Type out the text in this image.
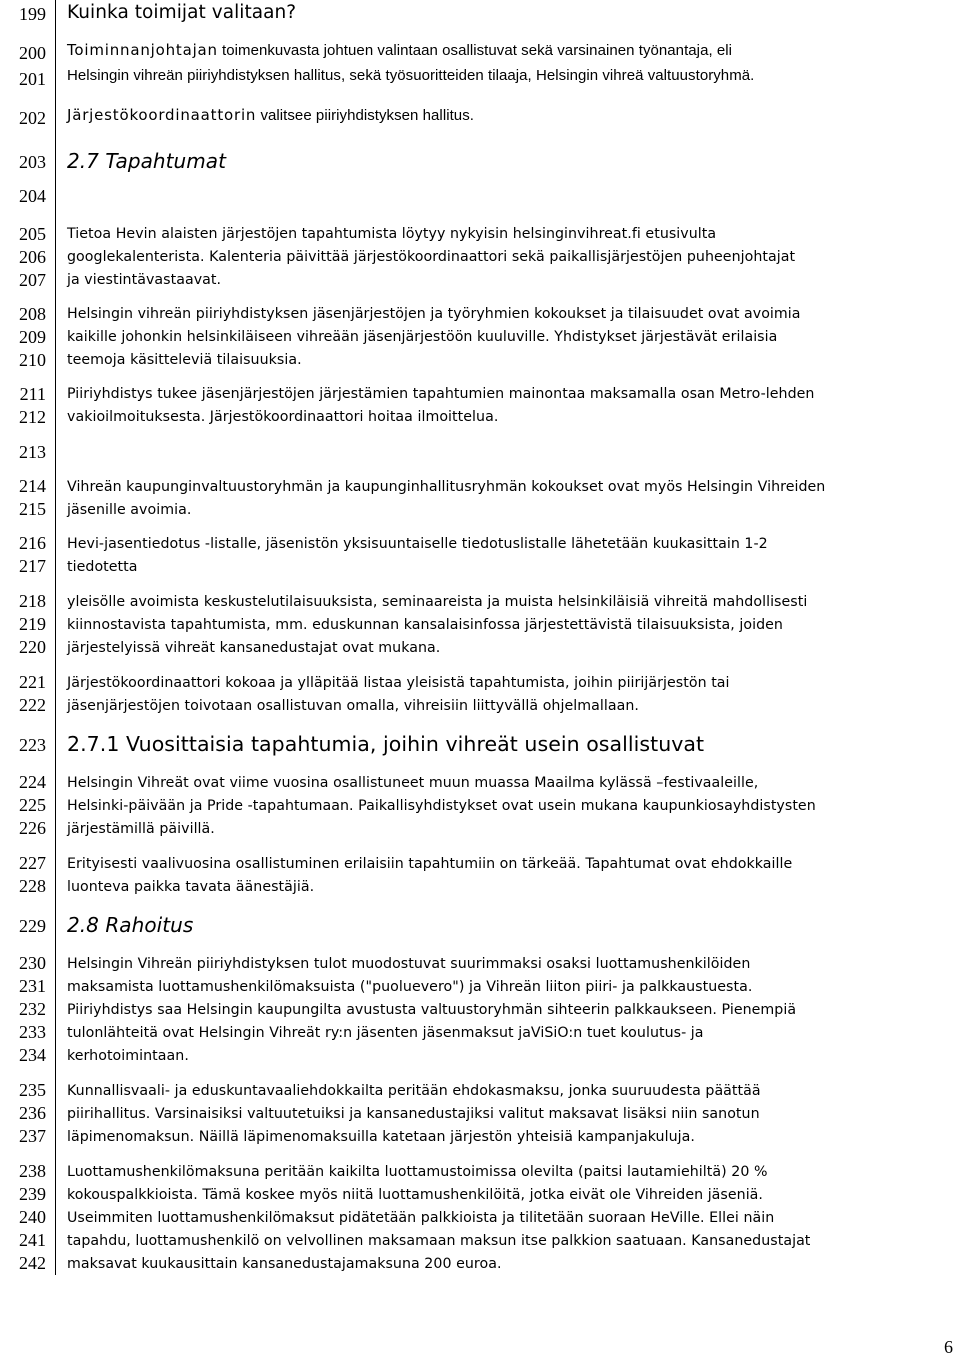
199
200
201
202
203
204
205
206
207
208
209
210
211
212
213
214
215
216
217
218
219
220
221
222
223
224
225
226
227
228
229
230
231
232
233
234
235
236
237
238
239
240
241
242
Kuinka toimijat valitaan?
Toiminnanjohtajan toimenkuvasta johtuen valintaan osallistuvat sekä varsinainen työnantaja, eli
Helsingin vihreän piiriyhdistyksen hallitus, sekä työsuoritteiden tilaaja, Helsingin vihreä valtuustoryhmä.
Järjestökoordinaattorin valitsee piiriyhdistyksen hallitus.
2.7 Tapahtumat
Tietoa Hevin alaisten järjestöjen tapahtumista löytyy nykyisin helsinginvihreat.fi etusivulta
googlekalenterista. Kalenteria päivittää järjestökoordinaattori sekä paikallisjärjestöjen puheenjohtajat
ja viestintävastaavat.
Helsingin vihreän piiriyhdistyksen jäsenjärjestöjen ja työryhmien kokoukset ja tilaisuudet ovat avoimia
kaikille johonkin helsinkiläiseen vihreään jäsenjärjestöön kuuluville. Yhdistykset järjestävät erilaisia
teemoja käsitteleviä tilaisuuksia.
Piiriyhdistys tukee jäsenjärjestöjen järjestämien tapahtumien mainontaa maksamalla osan Metro-lehden
vakioilmoituksesta. Järjestökoordinaattori hoitaa ilmoittelua.
Vihreän kaupunginvaltuustoryhmän ja kaupunginhallitusryhmän kokoukset ovat myös Helsingin Vihreiden
jäsenille avoimia.
Hevi-jasentiedotus -listalle, jäsenistön yksisuuntaiselle tiedotuslistalle lähetetään kuukasittain 1-2
tiedotetta
yleisölle avoimista keskustelutilaisuuksista, seminaareista ja muista helsinkiläisiä vihreitä mahdollisesti
kiinnostavista tapahtumista, mm. eduskunnan kansalaisinfossa järjestettävistä tilaisuuksista, joiden
järjestelyissä vihreät kansanedustajat ovat mukana.
Järjestökoordinaattori kokoaa ja ylläpitää listaa yleisistä tapahtumista, joihin piirijärjestön tai
jäsenjärjestöjen toivotaan osallistuvan omalla, vihreisiin liittyvällä ohjelmallaan.
2.7.1 Vuosittaisia tapahtumia, joihin vihreät usein osallistuvat
Helsingin Vihreät ovat viime vuosina osallistuneet muun muassa Maailma kylässä –festivaaleille,
Helsinki-päivään ja Pride -tapahtumaan. Paikallisyhdistykset ovat usein mukana kaupunkiosayhdistysten
järjestämillä päivillä.
Erityisesti vaalivuosina osallistuminen erilaisiin tapahtumiin on tärkeää. Tapahtumat ovat ehdokkaille
luonteva paikka tavata äänestäjiä.
2.8 Rahoitus
Helsingin Vihreän piiriyhdistyksen tulot muodostuvat suurimmaksi osaksi luottamushenkilöiden
maksamista luottamushenkilömaksuista ("puoluevero") ja Vihreän liiton piiri- ja palkkaustuesta.
Piiriyhdistys saa Helsingin kaupungilta avustusta valtuustoryhmän sihteerin palkkaukseen. Pienempiä
tulonlähteitä ovat Helsingin Vihreät ry:n jäsenten jäsenmaksut jaViSiO:n tuet koulutus- ja
kerhotoimintaan.
Kunnallisvaali- ja eduskuntavaaliehdokkailta peritään ehdokasmaksu, jonka suuruudesta päättää
piirihallitus. Varsinaisiksi valtuutetuiksi ja kansanedustajiksi valitut maksavat lisäksi niin sanotun
läpimenomaksun. Näillä läpimenomaksuilla katetaan järjestön yhteisiä kampanjakuluja.
Luottamushenkilömaksuna peritään kaikilta luottamustoimissa olevilta (paitsi lautamiehiltä) 20 %
kokouspalkkioista. Tämä koskee myös niitä luottamushenkilöitä, jotka eivät ole Vihreiden jäseniä.
Useimmiten luottamushenkilömaksut pidätetään palkkioista ja tilitetään suoraan HeVille. Ellei näin
tapahdu, luottamushenkilö on velvollinen maksamaan maksun itse palkkion saatuaan. Kansanedustajat
maksavat kuukausittain kansanedustajamaksuna 200 euroa.
6
